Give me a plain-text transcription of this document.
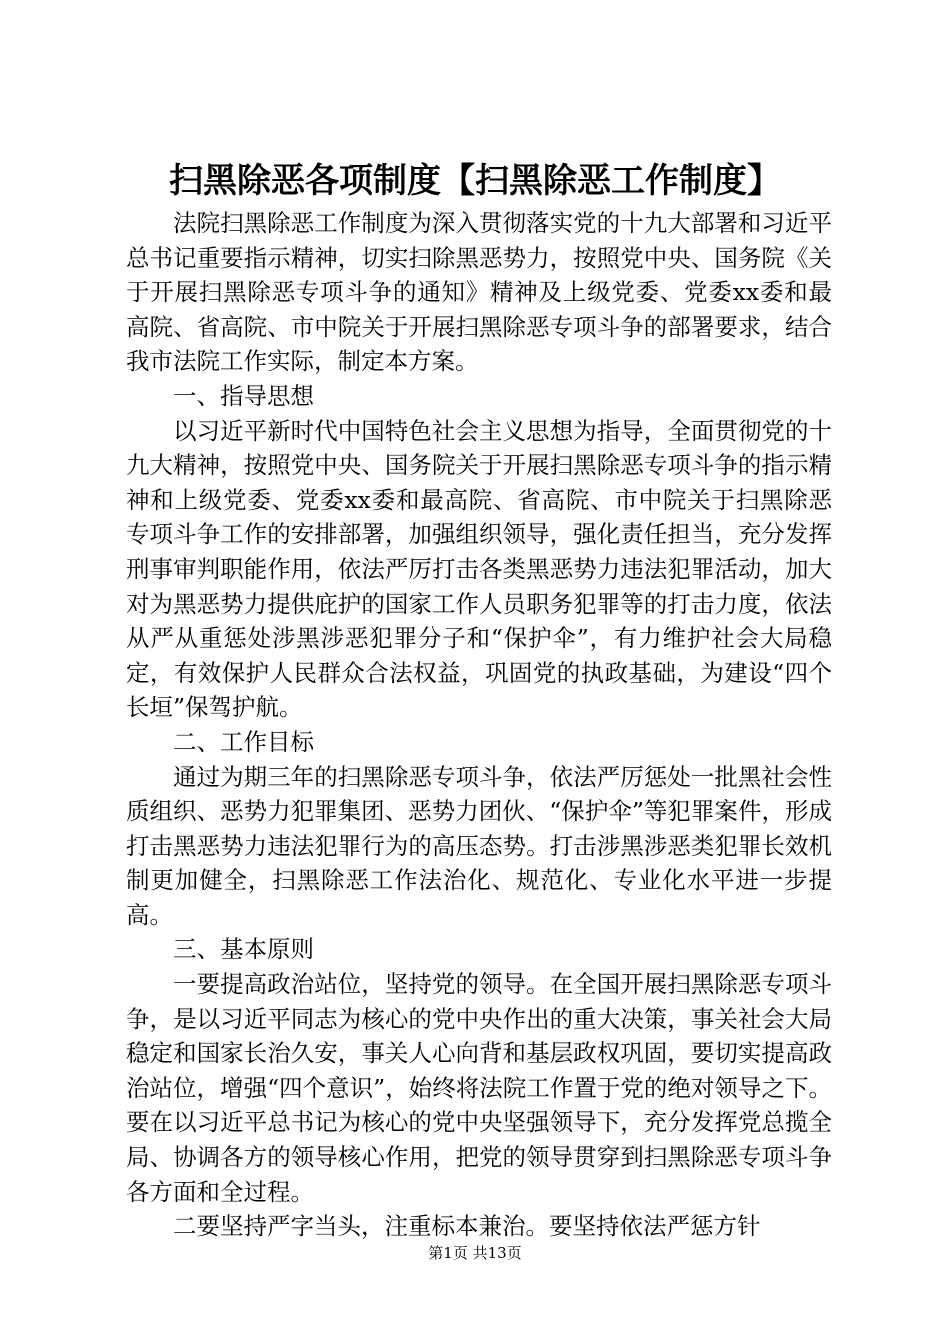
扫黑除恶各项制度【扫黑除恶工作制度】

法院扫黑除恶工作制度为深入贯彻落实党的十九大部署和习近平总书记重要指示精神，切实扫除黑恶势力，按照党中央、国务院《关于开展扫黑除恶专项斗争的通知》精神及上级党委、党委xx委和最高院、省高院、市中院关于开展扫黑除恶专项斗争的部署要求，结合我市法院工作实际，制定本方案。

一、指导思想

以习近平新时代中国特色社会主义思想为指导，全面贯彻党的十九大精神，按照党中央、国务院关于开展扫黑除恶专项斗争的指示精神和上级党委、党委xx委和最高院、省高院、市中院关于扫黑除恶专项斗争工作的安排部署，加强组织领导，强化责任担当，充分发挥刑事审判职能作用，依法严厉打击各类黑恶势力违法犯罪活动，加大对为黑恶势力提供庇护的国家工作人员职务犯罪等的打击力度，依法从严从重惩处涉黑涉恶犯罪分子和“保护伞”，有力维护社会大局稳定，有效保护人民群众合法权益，巩固党的执政基础，为建设“四个长垣”保驾护航。

二、工作目标

通过为期三年的扫黑除恶专项斗争，依法严厉惩处一批黑社会性质组织、恶势力犯罪集团、恶势力团伙、“保护伞”等犯罪案件，形成打击黑恶势力违法犯罪行为的高压态势。打击涉黑涉恶类犯罪长效机制更加健全，扫黑除恶工作法治化、规范化、专业化水平进一步提高。

三、基本原则

一要提高政治站位，坚持党的领导。在全国开展扫黑除恶专项斗争，是以习近平同志为核心的党中央作出的重大决策，事关社会大局稳定和国家长治久安，事关人心向背和基层政权巩固，要切实提高政治站位，增强“四个意识”，始终将法院工作置于党的绝对领导之下。要在以习近平总书记为核心的党中央坚强领导下，充分发挥党总揽全局、协调各方的领导核心作用，把党的领导贯穿到扫黑除恶专项斗争各方面和全过程。

二要坚持严字当头，注重标本兼治。要坚持依法严惩方针

第1页 共13页
